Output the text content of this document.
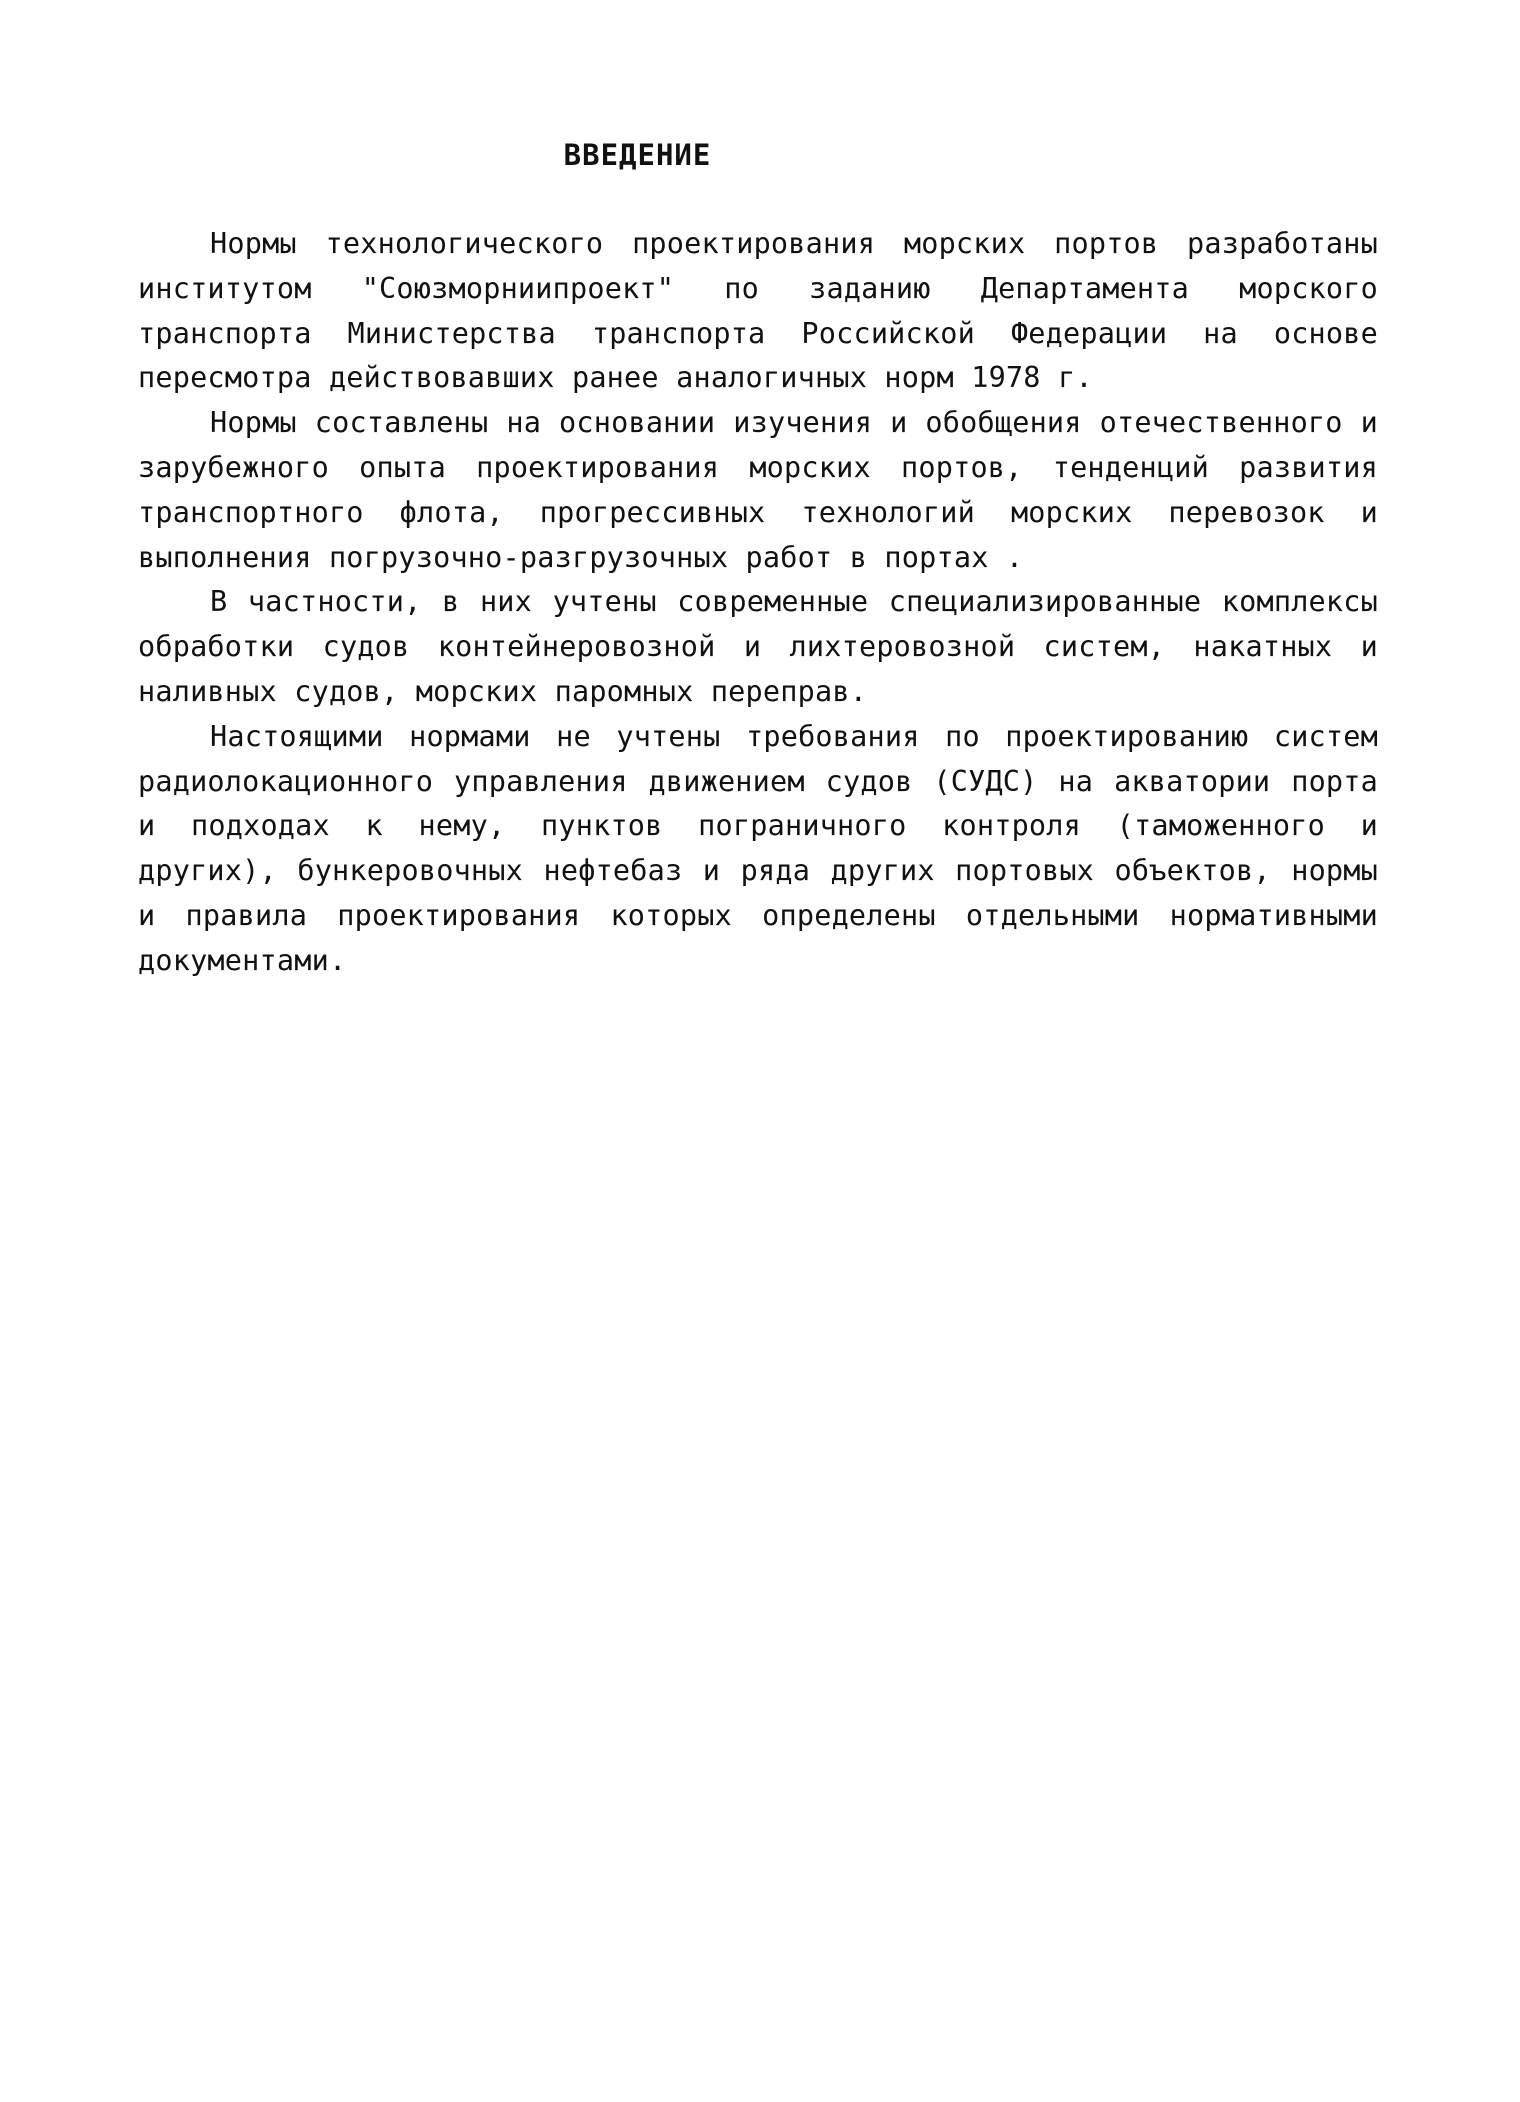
ВВЕДЕНИЕ

Нормы технологического проектирования морских портов разработаны институтом "Союзморниипроект" по заданию Департамента морского транспорта Министерства транспорта Российской Федерации на основе пересмотра действовавших ранее аналогичных норм 1978 г.

Нормы составлены на основании изучения и обобщения отечественного и зарубежного опыта проектирования морских портов, тенденций развития транспортного флота, прогрессивных технологий морских перевозок и выполнения погрузочно-разгрузочных работ в портах .

В частности, в них учтены современные специализированные комплексы обработки судов контейнеровозной и лихтеровозной систем, накатных и наливных судов, морских паромных переправ.

Настоящими нормами не учтены требования по проектированию систем радиолокационного управления движением судов (СУДС) на акватории порта и подходах к нему, пунктов пограничного контроля (таможенного и других), бункеровочных нефтебаз и ряда других портовых объектов, нормы и правила проектирования которых определены отдельными нормативными документами.
